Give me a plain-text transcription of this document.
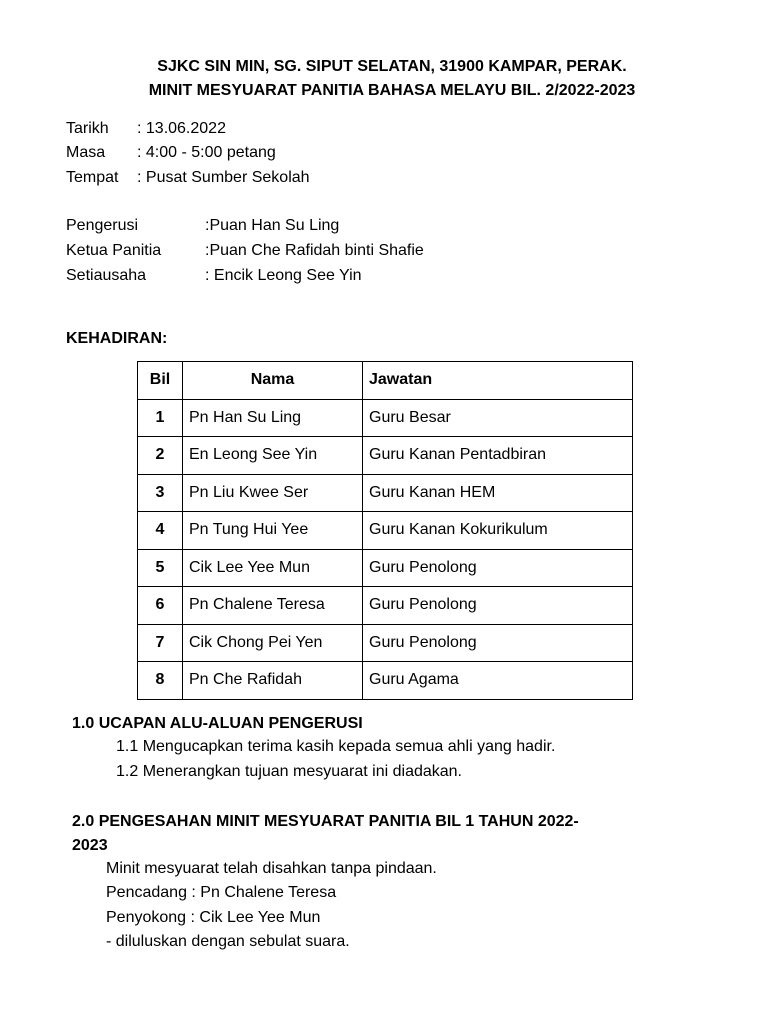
SJKC SIN MIN, SG. SIPUT SELATAN, 31900 KAMPAR, PERAK.
MINIT MESYUARAT PANITIA BAHASA MELAYU BIL. 2/2022-2023
Tarikh : 13.06.2022
Masa : 4:00 - 5:00 petang
Tempat : Pusat Sumber Sekolah
Pengerusi	:Puan Han Su Ling
Ketua Panitia	:Puan Che Rafidah binti Shafie
Setiausaha	: Encik Leong See Yin
KEHADIRAN:
Bil	Nama	Jawatan
1	Pn Han Su Ling	Guru Besar
2	En Leong See Yin	Guru Kanan Pentadbiran
3	Pn Liu Kwee Ser	Guru Kanan HEM
4	Pn Tung Hui Yee	Guru Kanan Kokurikulum
5	Cik Lee Yee Mun	Guru Penolong
6	Pn Chalene Teresa	Guru Penolong
7	Cik Chong Pei Yen	Guru Penolong
8	Pn Che Rafidah	Guru Agama
1.0 UCAPAN ALU-ALUAN PENGERUSI
1.1 Mengucapkan terima kasih kepada semua ahli yang hadir.
1.2 Menerangkan tujuan mesyuarat ini diadakan.
2.0 PENGESAHAN MINIT MESYUARAT PANITIA BIL 1 TAHUN 2022-
2023
Minit mesyuarat telah disahkan tanpa pindaan.
Pencadang : Pn Chalene Teresa
Penyokong : Cik Lee Yee Mun
- diluluskan dengan sebulat suara.
